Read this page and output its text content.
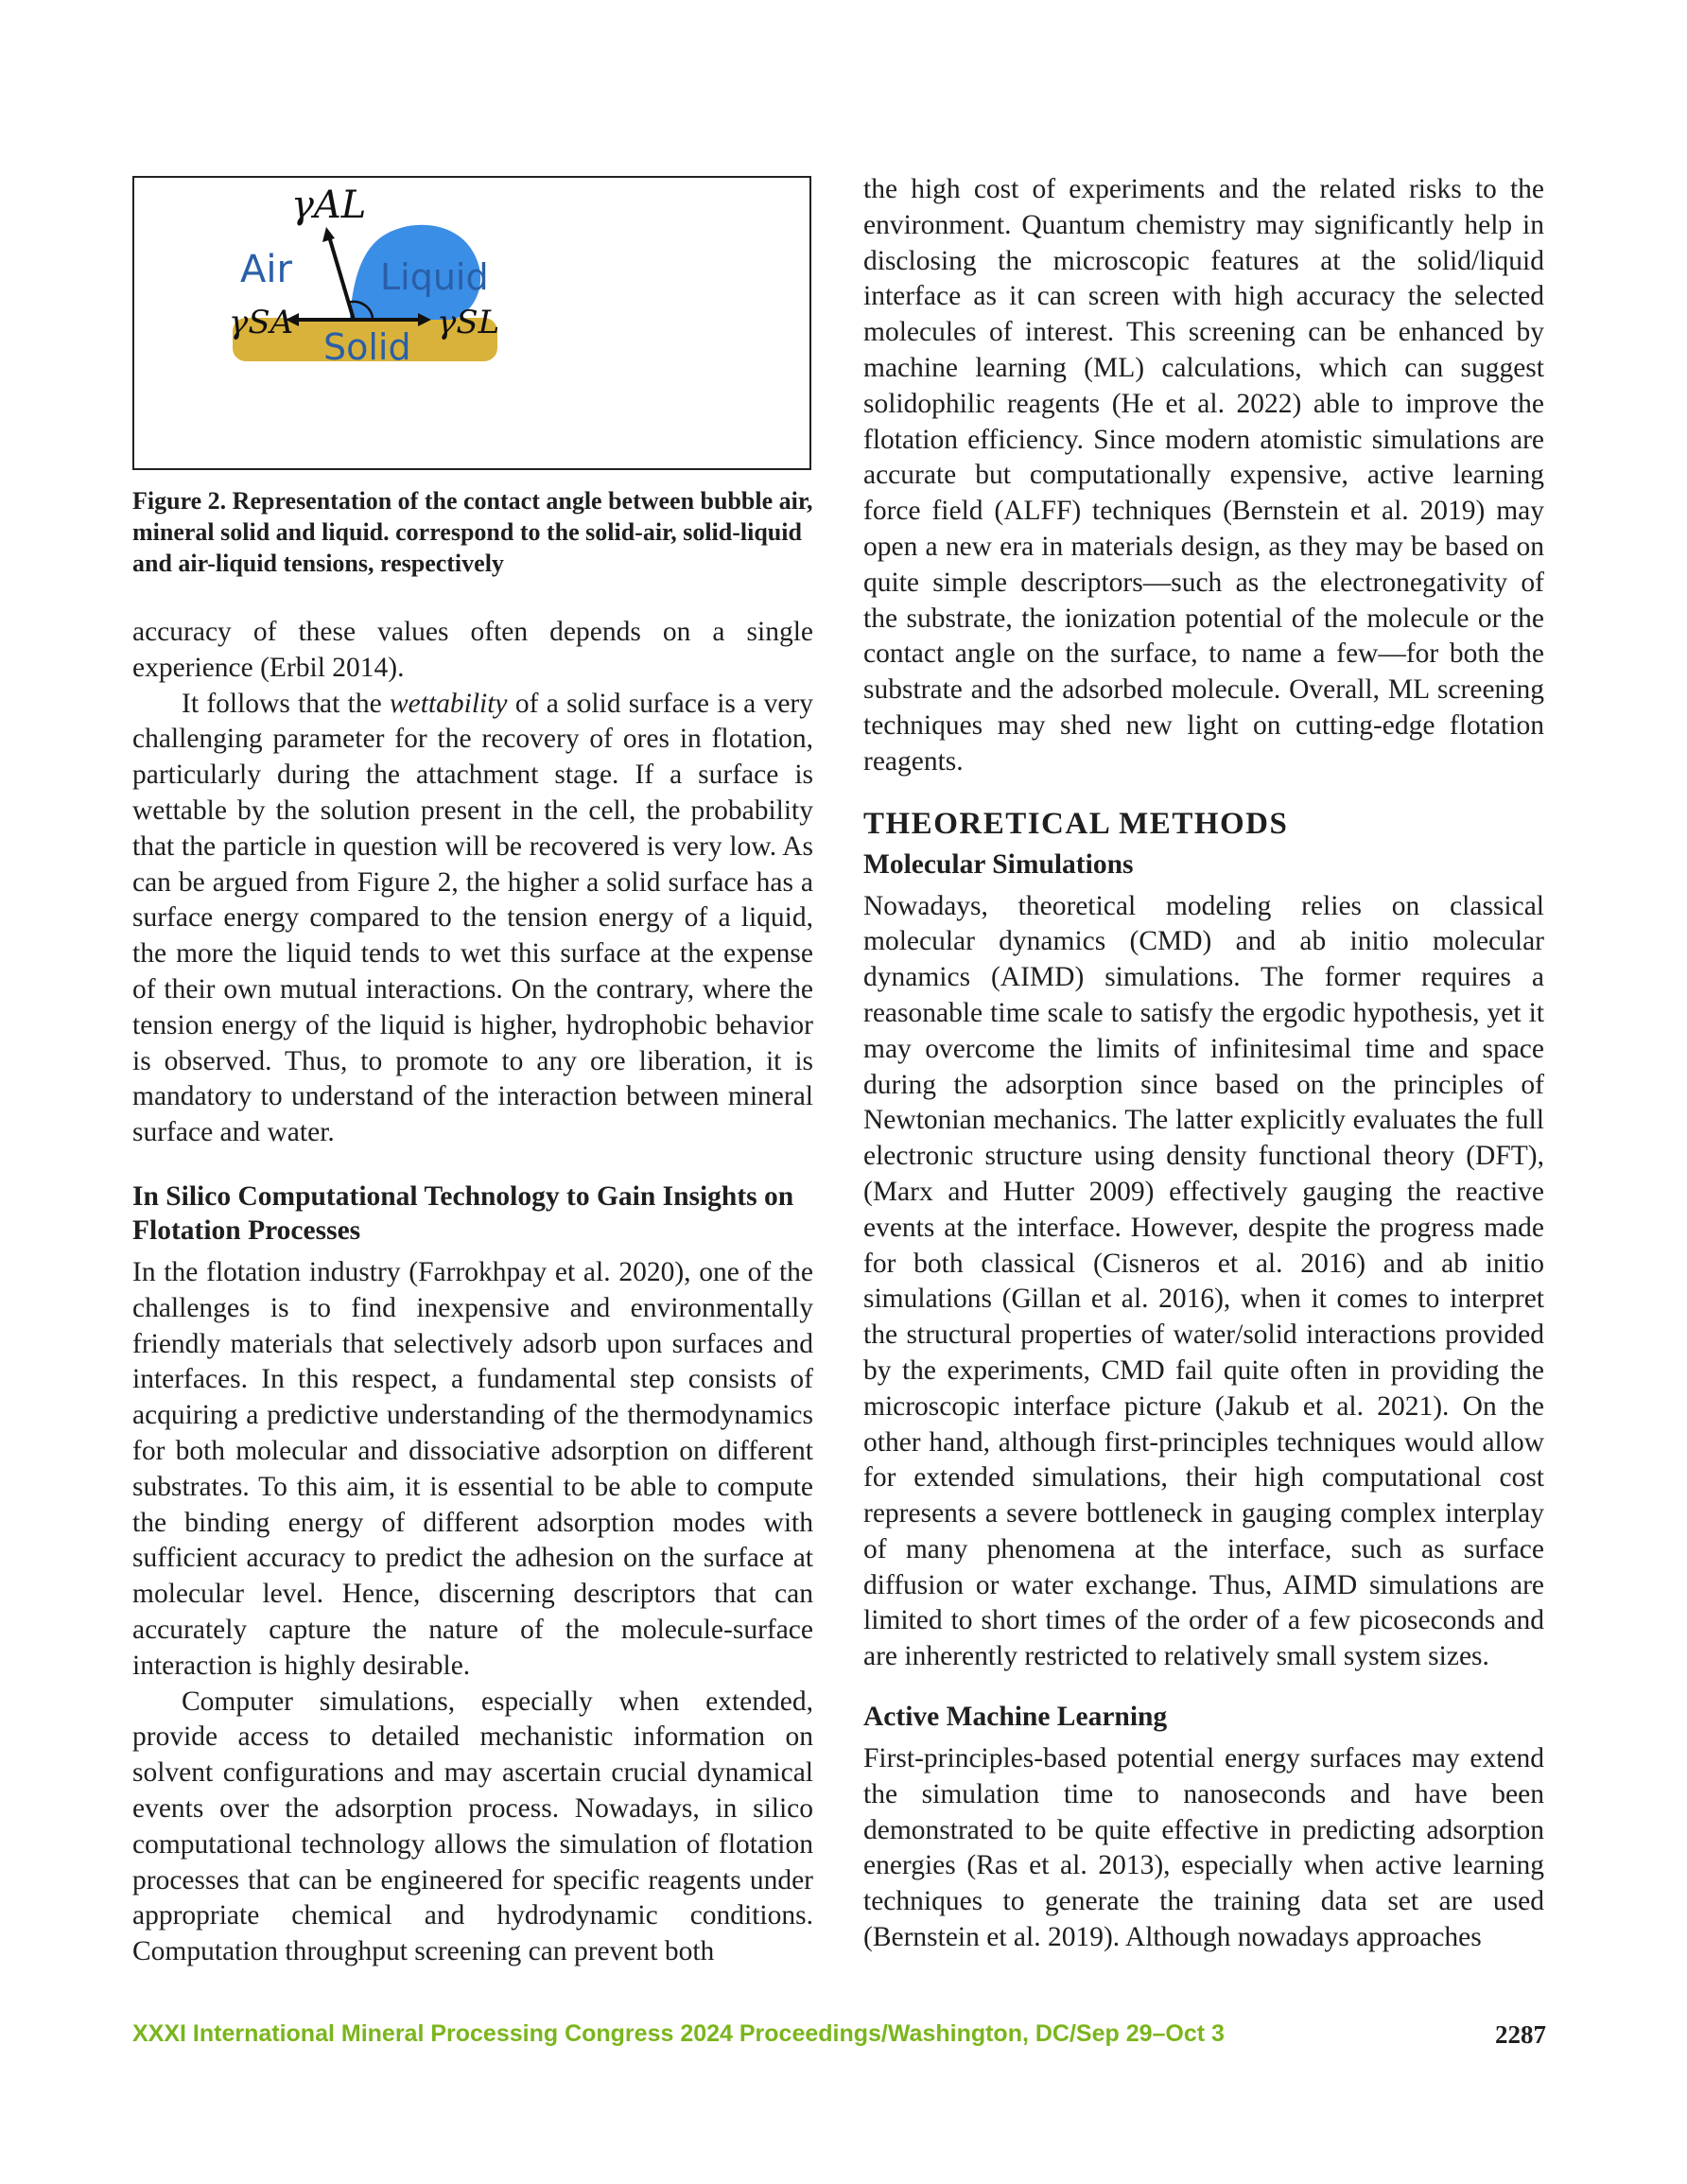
γAL
Air Liquid
γSA	γSL
Solid
Figure 2. Representation of the contact angle between bubble air, mineral solid and liquid. correspond to the solid-air, solid-liquid and air-liquid tensions, respectively

accuracy of these values often depends on a single experience (Erbil 2014).

It follows that the wettability of a solid surface is a very challenging parameter for the recovery of ores in flotation, particularly during the attachment stage. If a surface is wettable by the solution present in the cell, the probability that the particle in question will be recovered is very low. As can be argued from Figure 2, the higher a solid surface has a surface energy compared to the tension energy of a liquid, the more the liquid tends to wet this surface at the expense of their own mutual interactions. On the contrary, where the tension energy of the liquid is higher, hydrophobic behavior is observed. Thus, to promote to any ore liberation, it is mandatory to understand of the interaction between mineral surface and water.

In Silico Computational Technology to Gain Insights on Flotation Processes

In the flotation industry (Farrokhpay et al. 2020), one of the challenges is to find inexpensive and environmentally friendly materials that selectively adsorb upon surfaces and interfaces. In this respect, a fundamental step consists of acquiring a predictive understanding of the thermodynamics for both molecular and dissociative adsorption on different substrates. To this aim, it is essential to be able to compute the binding energy of different adsorption modes with sufficient accuracy to predict the adhesion on the surface at molecular level. Hence, discerning descriptors that can accurately capture the nature of the molecule-surface interaction is highly desirable.

Computer simulations, especially when extended, provide access to detailed mechanistic information on solvent configurations and may ascertain crucial dynamical events over the adsorption process. Nowadays, in silico computational technology allows the simulation of flotation processes that can be engineered for specific reagents under appropriate chemical and hydrodynamic conditions. Computation throughput screening can prevent both

the high cost of experiments and the related risks to the environment. Quantum chemistry may significantly help in disclosing the microscopic features at the solid/liquid interface as it can screen with high accuracy the selected molecules of interest. This screening can be enhanced by machine learning (ML) calculations, which can suggest solidophilic reagents (He et al. 2022) able to improve the flotation efficiency. Since modern atomistic simulations are accurate but computationally expensive, active learning force field (ALFF) techniques (Bernstein et al. 2019) may open a new era in materials design, as they may be based on quite simple descriptors—such as the electronegativity of the substrate, the ionization potential of the molecule or the contact angle on the surface, to name a few—for both the substrate and the adsorbed molecule. Overall, ML screening techniques may shed new light on cutting-edge flotation reagents.

THEORETICAL METHODS
Molecular Simulations

Nowadays, theoretical modeling relies on classical molecular dynamics (CMD) and ab initio molecular dynamics (AIMD) simulations. The former requires a reasonable time scale to satisfy the ergodic hypothesis, yet it may overcome the limits of infinitesimal time and space during the adsorption since based on the principles of Newtonian mechanics. The latter explicitly evaluates the full electronic structure using density functional theory (DFT), (Marx and Hutter 2009) effectively gauging the reactive events at the interface. However, despite the progress made for both classical (Cisneros et al. 2016) and ab initio simulations (Gillan et al. 2016), when it comes to interpret the structural properties of water/solid interactions provided by the experiments, CMD fail quite often in providing the microscopic interface picture (Jakub et al. 2021). On the other hand, although first-principles techniques would allow for extended simulations, their high computational cost represents a severe bottleneck in gauging complex interplay of many phenomena at the interface, such as surface diffusion or water exchange. Thus, AIMD simulations are limited to short times of the order of a few picoseconds and are inherently restricted to relatively small system sizes.

Active Machine Learning

First-principles-based potential energy surfaces may extend the simulation time to nanoseconds and have been demonstrated to be quite effective in predicting adsorption energies (Ras et al. 2013), especially when active learning techniques to generate the training data set are used (Bernstein et al. 2019). Although nowadays approaches

XXXI International Mineral Processing Congress 2024 Proceedings/Washington, DC/Sep 29–Oct 3	2287
